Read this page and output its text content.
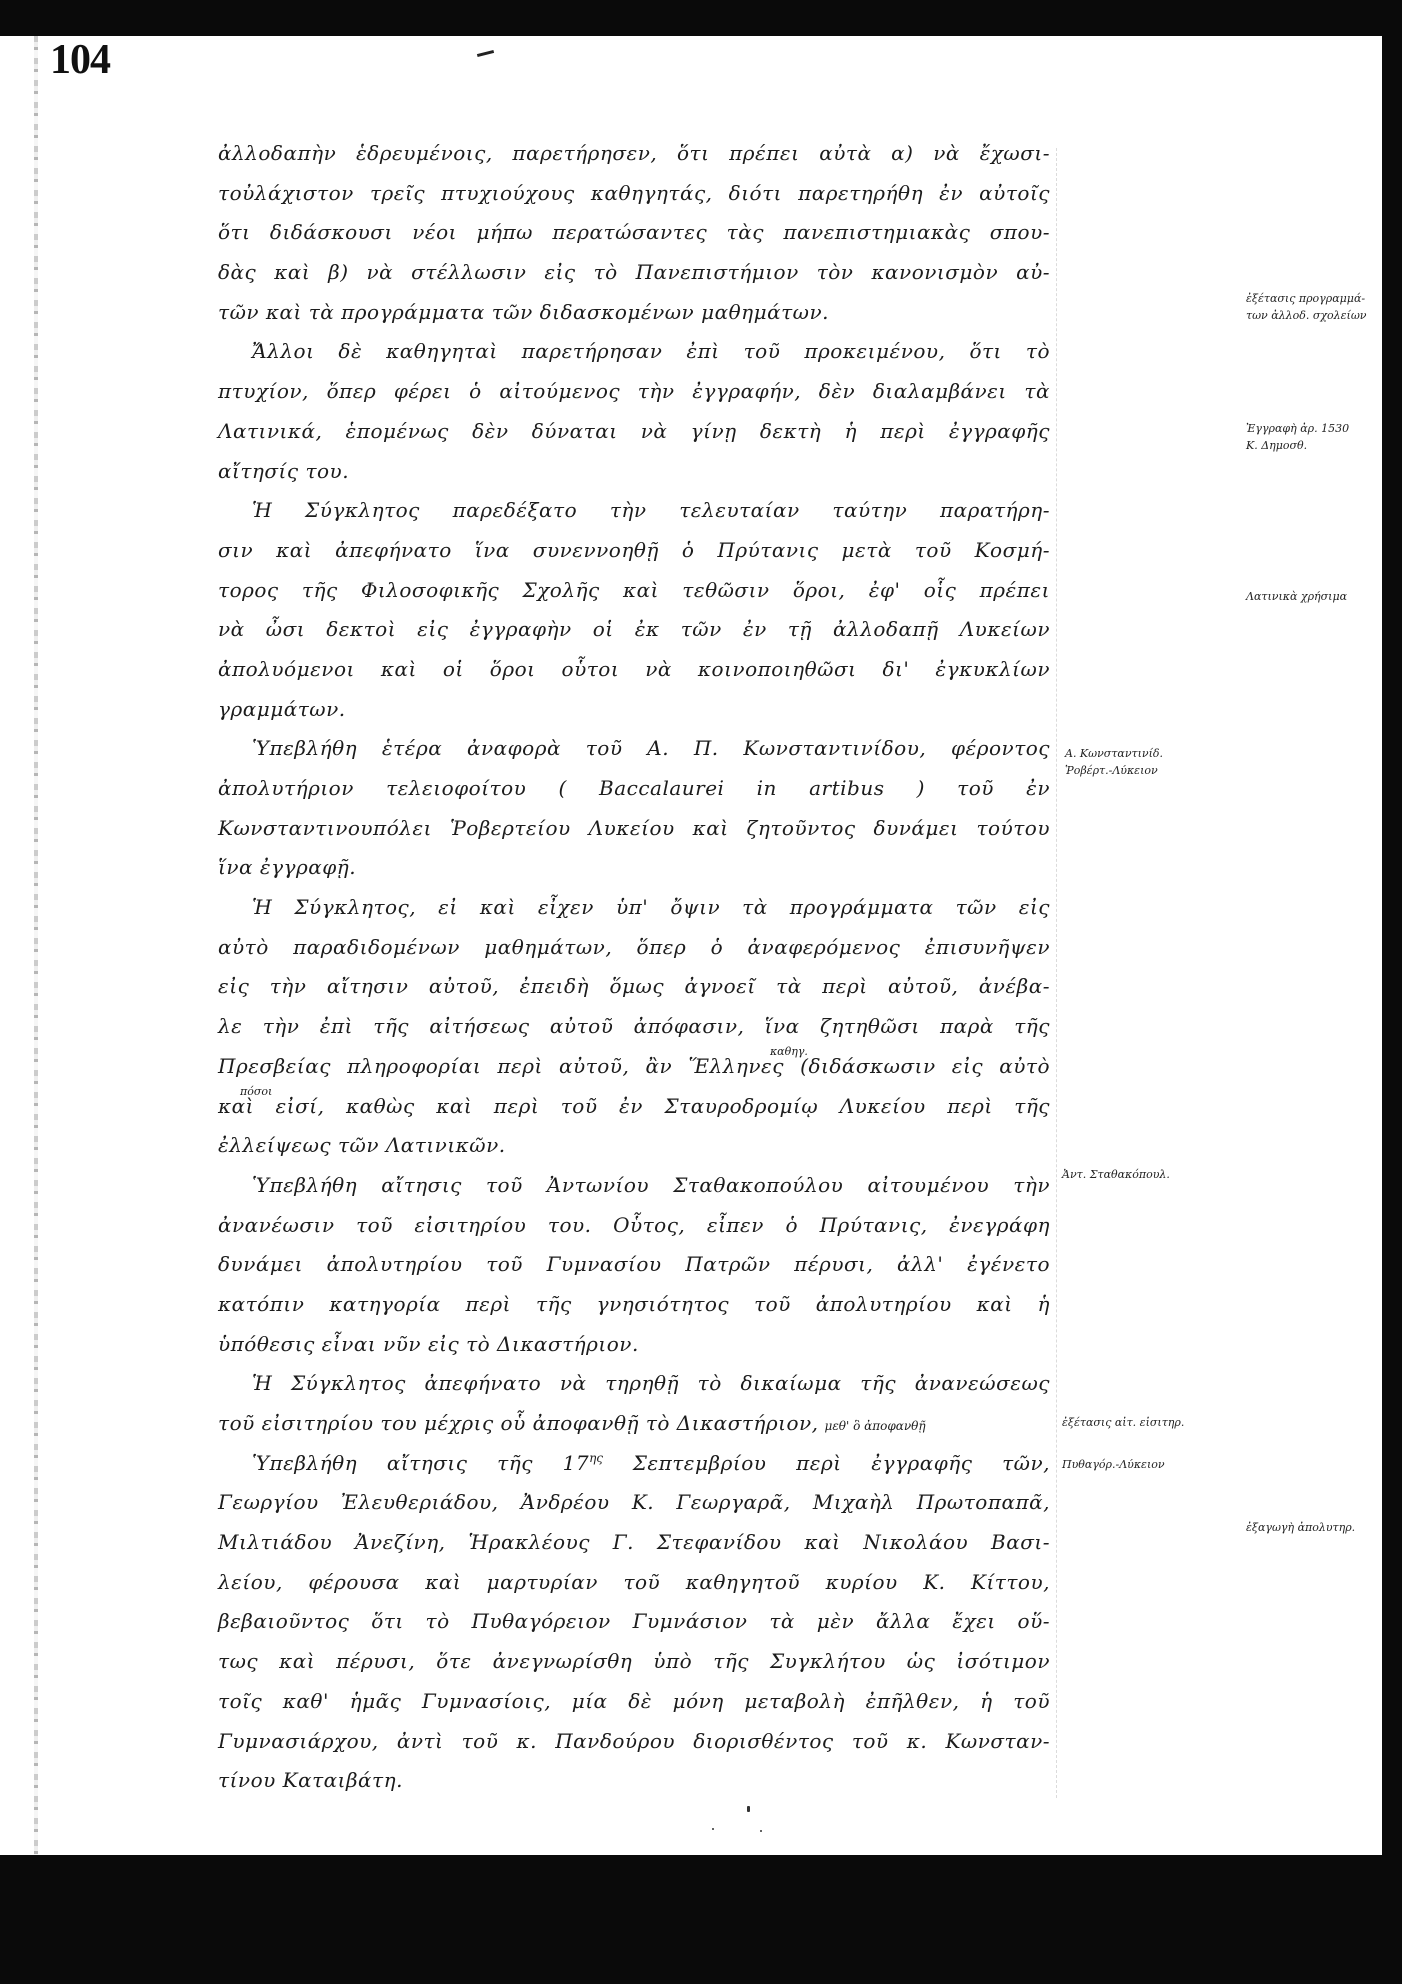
104
ἀλλοδαπὴν ἑδρευμένοις, παρετήρησεν, ὅτι πρέπει αὐτὰ α) νὰ ἔχωσι-
τοὐλάχιστον τρεῖς πτυχιούχους καθηγητάς, διότι παρετηρήθη ἐν αὐτοῖς
ὅτι διδάσκουσι νέοι μήπω περατώσαντες τὰς πανεπιστημιακὰς σπου-
δὰς καὶ β) νὰ στέλλωσιν εἰς τὸ Πανεπιστήμιον τὸν κανονισμὸν αὐ-
τῶν καὶ τὰ προγράμματα τῶν διδασκομένων μαθημάτων.
Ἄλλοι δὲ καθηγηταὶ παρετήρησαν ἐπὶ τοῦ προκειμένου, ὅτι τὸ
πτυχίον, ὅπερ φέρει ὁ αἰτούμενος τὴν ἐγγραφήν, δὲν διαλαμβάνει τὰ
Λατινικά, ἑπομένως δὲν δύναται νὰ γίνῃ δεκτὴ ἡ περὶ ἐγγραφῆς
αἴτησίς του.
Ἡ Σύγκλητος παρεδέξατο τὴν τελευταίαν ταύτην παρατήρη-
σιν καὶ ἀπεφήνατο ἵνα συνεννοηθῇ ὁ Πρύτανις μετὰ τοῦ Κοσμή-
τορος τῆς Φιλοσοφικῆς Σχολῆς καὶ τεθῶσιν ὅροι, ἐφ' οἷς πρέπει
νὰ ὦσι δεκτοὶ εἰς ἐγγραφὴν οἱ ἐκ τῶν ἐν τῇ ἀλλοδαπῇ Λυκείων
ἀπολυόμενοι καὶ οἱ ὅροι οὗτοι νὰ κοινοποιηθῶσι δι' ἐγκυκλίων
γραμμάτων.
Ὑπεβλήθη ἑτέρα ἀναφορὰ τοῦ Α. Π. Κωνσταντινίδου, φέροντος
ἀπολυτήριον τελειοφοίτου ( Baccalaurei in artibus ) τοῦ ἐν
Κωνσταντινουπόλει Ῥοβερτείου Λυκείου καὶ ζητοῦντος δυνάμει τούτου
ἵνα ἐγγραφῇ.
Ἡ Σύγκλητος, εἰ καὶ εἶχεν ὑπ' ὄψιν τὰ προγράμματα τῶν εἰς
αὐτὸ παραδιδομένων μαθημάτων, ὅπερ ὁ ἀναφερόμενος ἐπισυνῆψεν
εἰς τὴν αἴτησιν αὐτοῦ, ἐπειδὴ ὅμως ἀγνοεῖ τὰ περὶ αὐτοῦ, ἀνέβα-
λε τὴν ἐπὶ τῆς αἰτήσεως αὐτοῦ ἀπόφασιν, ἵνα ζητηθῶσι παρὰ τῆς
Πρεσβείας πληροφορίαι περὶ αὐτοῦ, ἂν Ἕλληνες
καθηγ.
(διδάσκωσιν εἰς αὐτὸ
καὶ
πόσοι
εἰσί, καθὼς καὶ περὶ τοῦ ἐν Σταυροδρομίῳ Λυκείου περὶ τῆς
ἐλλείψεως τῶν Λατινικῶν.
Ὑπεβλήθη αἴτησις τοῦ Ἀντωνίου Σταθακοπούλου αἰτουμένου τὴν
ἀνανέωσιν τοῦ εἰσιτηρίου του. Οὗτος, εἶπεν ὁ Πρύτανις, ἐνεγράφη
δυνάμει ἀπολυτηρίου τοῦ Γυμνασίου Πατρῶν πέρυσι, ἀλλ' ἐγένετο
κατόπιν κατηγορία περὶ τῆς γνησιότητος τοῦ ἀπολυτηρίου καὶ ἡ
ὑπόθεσις εἶναι νῦν εἰς τὸ Δικαστήριον.
Ἡ Σύγκλητος ἀπεφήνατο νὰ τηρηθῇ τὸ δικαίωμα τῆς ἀνανεώσεως
τοῦ εἰσιτηρίου του μέχρις οὗ ἀποφανθῇ τὸ Δικαστήριον, μεθ' ὃ ἀποφανθῇ
Ὑπεβλήθη αἴτησις τῆς $17^{\eta\varsigma}$ Σεπτεμβρίου περὶ ἐγγραφῆς τῶν,
Γεωργίου Ἐλευθεριάδου, Ἀνδρέου Κ. Γεωργαρᾶ, Μιχαὴλ Πρωτοπαπᾶ,
Μιλτιάδου Ἀνεζίνη, Ἡρακλέους Γ. Στεφανίδου καὶ Νικολάου Βασι-
λείου, φέρουσα καὶ μαρτυρίαν τοῦ καθηγητοῦ κυρίου Κ. Κίττου,
βεβαιοῦντος ὅτι τὸ Πυθαγόρειον Γυμνάσιον τὰ μὲν ἄλλα ἔχει οὕ-
τως καὶ πέρυσι, ὅτε ἀνεγνωρίσθη ὑπὸ τῆς Συγκλήτου ὡς ἰσότιμον
τοῖς καθ' ἡμᾶς Γυμνασίοις, μία δὲ μόνη μεταβολὴ ἐπῆλθεν, ἡ τοῦ
Γυμνασιάρχου, ἀντὶ τοῦ κ. Πανδούρου διορισθέντος τοῦ κ. Κωνσταν-
τίνου Καταιβάτη.
ἐξέτασις προγραμμά-
των ἀλλοδ. σχολείων
Ἐγγραφὴ ἀρ. 1530
Κ. Δημοσθ.
Λατινικὰ χρήσιμα
Α. Κωνσταντινίδ.
Ῥοβέρτ.-Λύκειον
Ἀντ. Σταθακόπουλ.
ἐξέτασις αἰτ. εἰσιτηρ.
Πυθαγόρ.-Λύκειον
ἐξαγωγὴ ἀπολυτηρ.
